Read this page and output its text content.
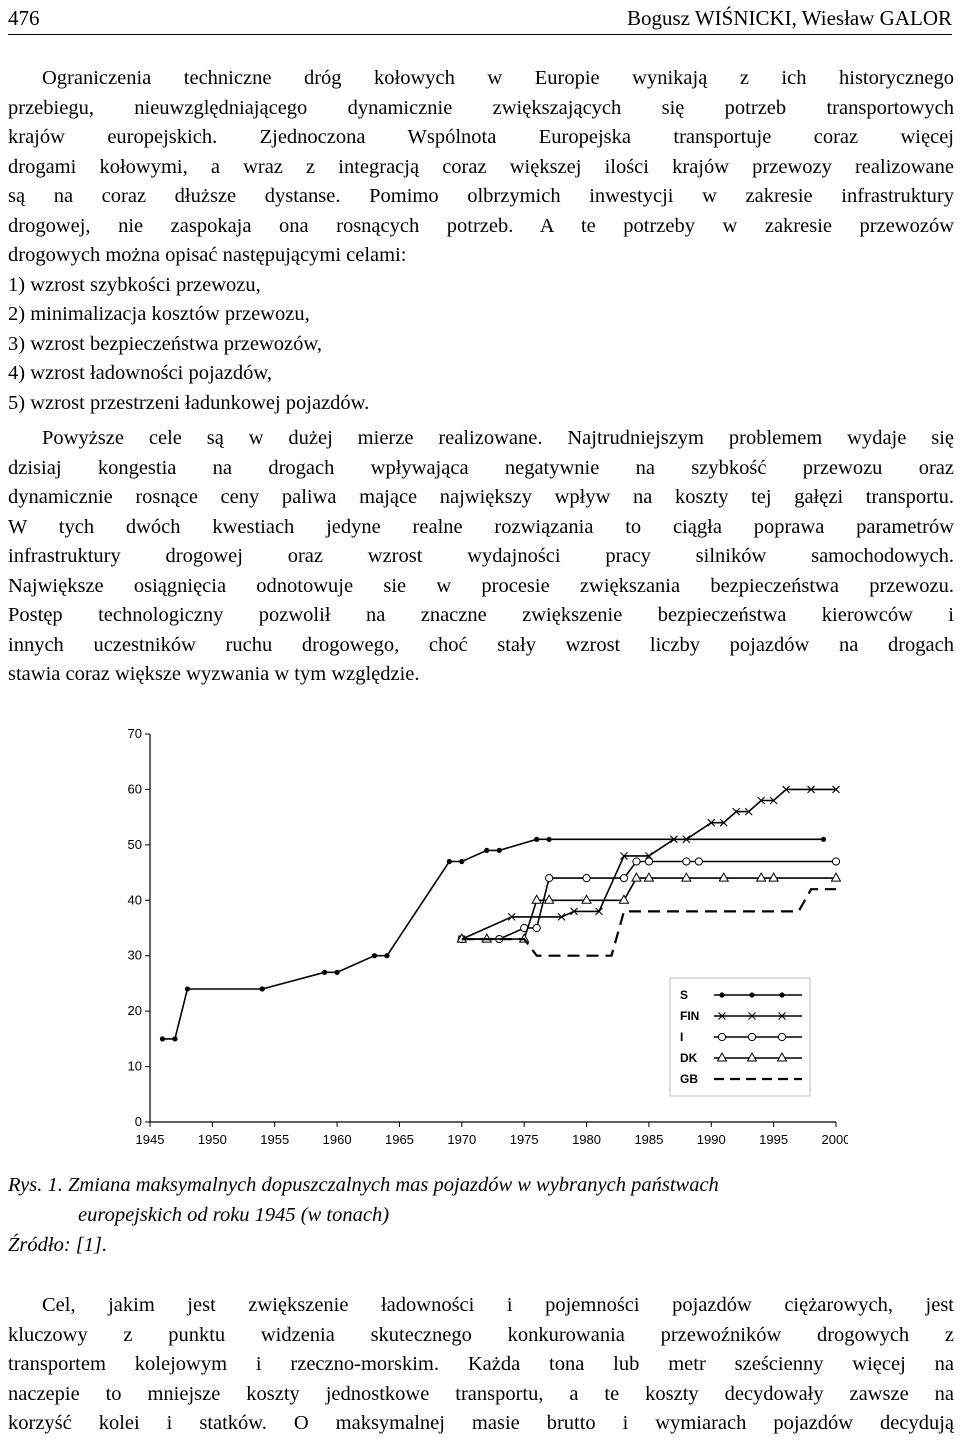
476	Bogusz WIŚNICKI, Wiesław GALOR
Ograniczenia techniczne dróg kołowych w Europie wynikają z ich historycznego
przebiegu, nieuwzględniającego dynamicznie zwiększających się potrzeb transportowych
krajów europejskich. Zjednoczona Wspólnota Europejska transportuje coraz więcej
drogami kołowymi, a wraz z integracją coraz większej ilości krajów przewozy realizowane
są na coraz dłuższe dystanse. Pomimo olbrzymich inwestycji w zakresie infrastruktury
drogowej, nie zaspokaja ona rosnących potrzeb. A te potrzeby w zakresie przewozów
drogowych można opisać następującymi celami:
1) wzrost szybkości przewozu,
2) minimalizacja kosztów przewozu,
3) wzrost bezpieczeństwa przewozów,
4) wzrost ładowności pojazdów,
5) wzrost przestrzeni ładunkowej pojazdów.
Powyższe cele są w dużej mierze realizowane. Najtrudniejszym problemem wydaje się
dzisiaj kongestia na drogach wpływająca negatywnie na szybkość przewozu oraz
dynamicznie rosnące ceny paliwa mające największy wpływ na koszty tej gałęzi transportu.
W tych dwóch kwestiach jedyne realne rozwiązania to ciągła poprawa parametrów
infrastruktury drogowej oraz wzrost wydajności pracy silników samochodowych.
Największe osiągnięcia odnotowuje sie w procesie zwiększania bezpieczeństwa przewozu.
Postęp technologiczny pozwolił na znaczne zwiększenie bezpieczeństwa kierowców i
innych uczestników ruchu drogowego, choć stały wzrost liczby pojazdów na drogach
stawia coraz większe wyzwania w tym względzie.
0
10
20
30
40
50
60
70
1945	1950	1955	1960	1965	1970	1975	1980	1985	1990	1995	2000
S
FIN
I
DK
GB
Rys. 1. Zmiana maksymalnych dopuszczalnych mas pojazdów w wybranych państwach
europejskich od roku 1945 (w tonach)
Źródło: [1].
Cel, jakim jest zwiększenie ładowności i pojemności pojazdów ciężarowych, jest
kluczowy z punktu widzenia skutecznego konkurowania przewoźników drogowych z
transportem kolejowym i rzeczno-morskim. Każda tona lub metr sześcienny więcej na
naczepie to mniejsze koszty jednostkowe transportu, a te koszty decydowały zawsze na
korzyść kolei i statków. O maksymalnej masie brutto i wymiarach pojazdów decydują
